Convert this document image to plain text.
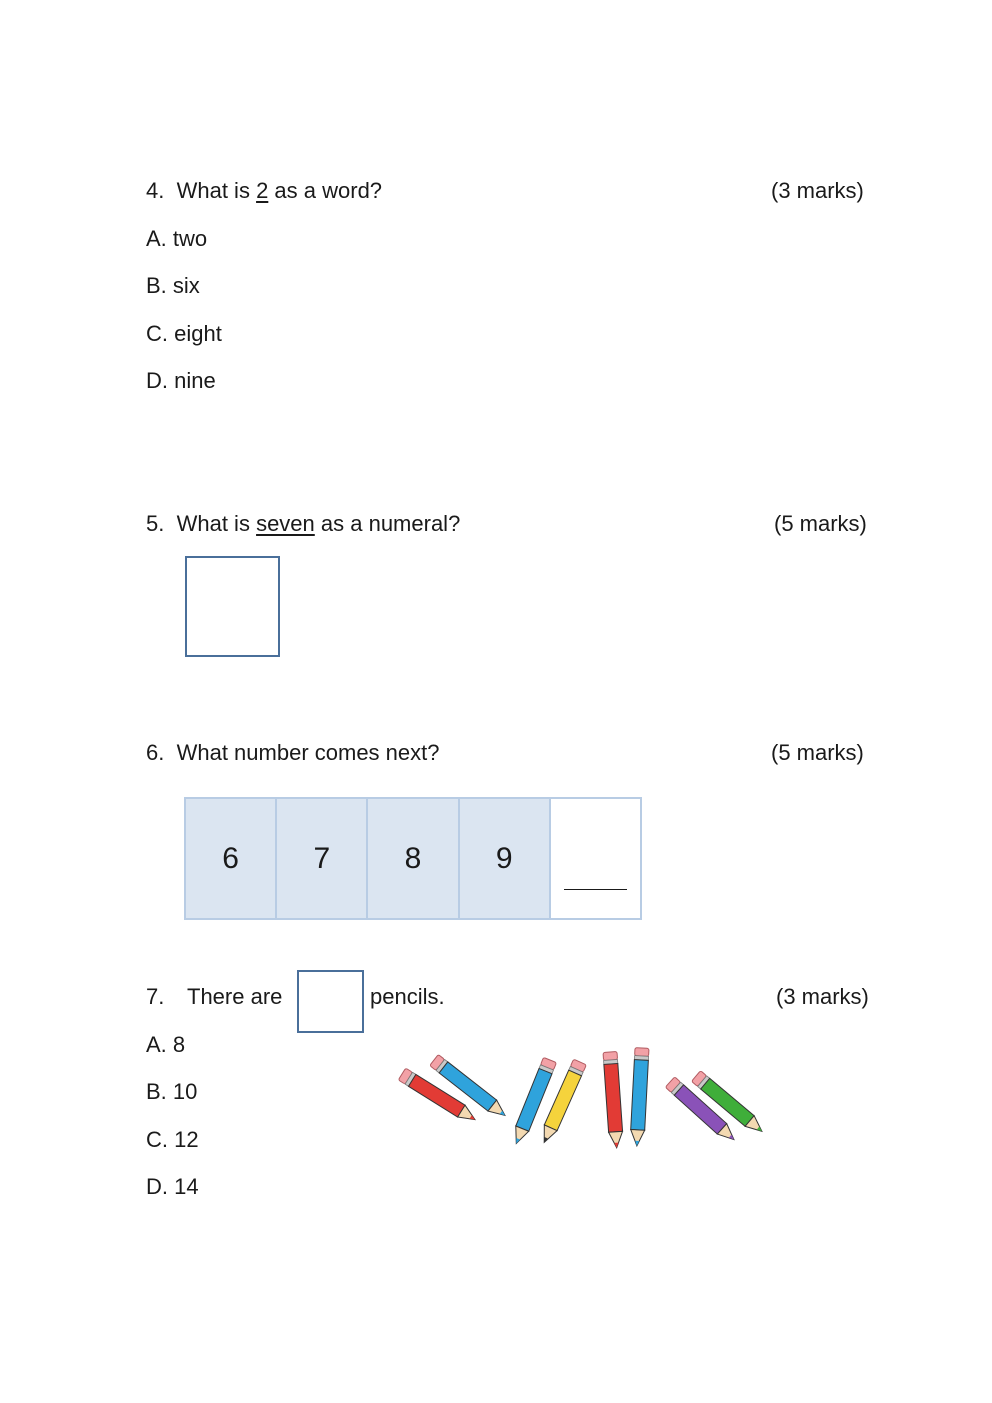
4. What is 2 as a word?	(3 marks)
A. two
B. six
C. eight
D. nine
5. What is seven as a numeral?	(5 marks)
6. What number comes next?	(5 marks)
6	7	8	9
7. There are	pencils.	(3 marks)
A. 8
B. 10
C. 12
D. 14
